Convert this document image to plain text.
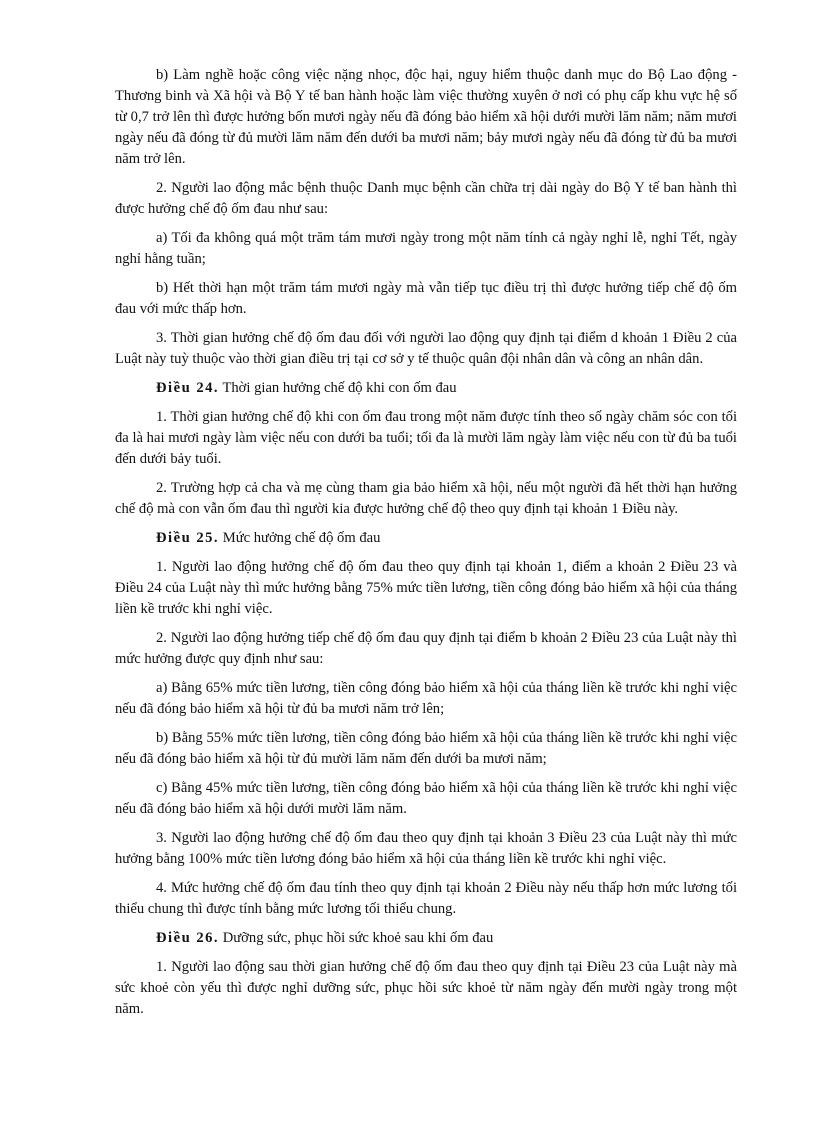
b) Làm nghề hoặc công việc nặng nhọc, độc hại, nguy hiểm thuộc danh mục do Bộ Lao động - Thương binh và Xã hội và Bộ Y tế ban hành hoặc làm việc thường xuyên ở nơi có phụ cấp khu vực hệ số từ 0,7 trở lên thì được hưởng bốn mươi ngày nếu đã đóng bảo hiểm xã hội dưới mười lăm năm; năm mươi ngày nếu đã đóng từ đủ mười lăm năm đến dưới ba mươi năm; bảy mươi ngày nếu đã đóng từ đủ ba mươi năm trở lên.

2. Người lao động mắc bệnh thuộc Danh mục bệnh cần chữa trị dài ngày do Bộ Y tế ban hành thì được hưởng chế độ ốm đau như sau:

a) Tối đa không quá một trăm tám mươi ngày trong một năm tính cả ngày nghỉ lễ, nghỉ Tết, ngày nghỉ hằng tuần;

b) Hết thời hạn một trăm tám mươi ngày mà vẫn tiếp tục điều trị thì được hưởng tiếp chế độ ốm đau với mức thấp hơn.

3. Thời gian hưởng chế độ ốm đau đối với người lao động quy định tại điểm d khoản 1 Điều 2 của Luật này tuỳ thuộc vào thời gian điều trị tại cơ sở y tế thuộc quân đội nhân dân và công an nhân dân.

Điều 24. Thời gian hưởng chế độ khi con ốm đau

1. Thời gian hưởng chế độ khi con ốm đau trong một năm được tính theo số ngày chăm sóc con tối đa là hai mươi ngày làm việc nếu con dưới ba tuổi; tối đa là mười lăm ngày làm việc nếu con từ đủ ba tuổi đến dưới bảy tuổi.

2. Trường hợp cả cha và mẹ cùng tham gia bảo hiểm xã hội, nếu một người đã hết thời hạn hưởng chế độ mà con vẫn ốm đau thì người kia được hưởng chế độ theo quy định tại khoản 1 Điều này.

Điều 25. Mức hưởng chế độ ốm đau

1. Người lao động hưởng chế độ ốm đau theo quy định tại khoản 1, điểm a khoản 2 Điều 23 và Điều 24 của Luật này thì mức hưởng bằng 75% mức tiền lương, tiền công đóng bảo hiểm xã hội của tháng liền kề trước khi nghỉ việc.

2. Người lao động hưởng tiếp chế độ ốm đau quy định tại điểm b khoản 2 Điều 23 của Luật này thì mức hưởng được quy định như sau:

a) Bằng 65% mức tiền lương, tiền công đóng bảo hiểm xã hội của tháng liền kề trước khi nghỉ việc nếu đã đóng bảo hiểm xã hội từ đủ ba mươi năm trở lên;

b) Bằng 55% mức tiền lương, tiền công đóng bảo hiểm xã hội của tháng liền kề trước khi nghỉ việc nếu đã đóng bảo hiểm xã hội từ đủ mười lăm năm đến dưới ba mươi năm;

c) Bằng 45% mức tiền lương, tiền công đóng bảo hiểm xã hội của tháng liền kề trước khi nghỉ việc nếu đã đóng bảo hiểm xã hội dưới mười lăm năm.

3. Người lao động hưởng chế độ ốm đau theo quy định tại khoản 3 Điều 23 của Luật này thì mức hưởng bằng 100% mức tiền lương đóng bảo hiểm xã hội của tháng liền kề trước khi nghỉ việc.

4. Mức hưởng chế độ ốm đau tính theo quy định tại khoản 2 Điều này nếu thấp hơn mức lương tối thiểu chung thì được tính bằng mức lương tối thiểu chung.

Điều 26. Dưỡng sức, phục hồi sức khoẻ sau khi ốm đau

1. Người lao động sau thời gian hưởng chế độ ốm đau theo quy định tại Điều 23 của Luật này mà sức khoẻ còn yếu thì được nghỉ dưỡng sức, phục hồi sức khoẻ từ năm ngày đến mười ngày trong một năm.
